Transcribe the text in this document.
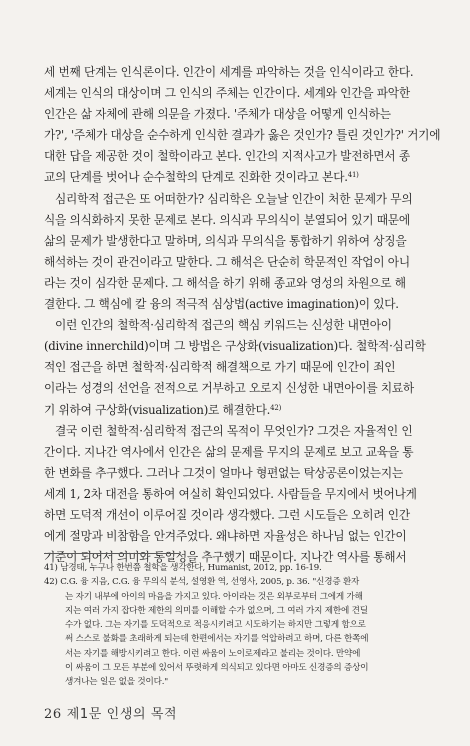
세 번째 단계는 인식론이다. 인간이 세계를 파악하는 것을 인식이라고 한다.
세계는 인식의 대상이며 그 인식의 주체는 인간이다. 세계와 인간을 파악한
인간은 삶 자체에 관해 의문을 가졌다. '주체가 대상을 어떻게 인식하는
가?', '주체가 대상을 순수하게 인식한 결과가 옳은 것인가? 틀린 것인가?' 거기에
대한 답을 제공한 것이 철학이라고 본다. 인간의 지적사고가 발전하면서 종
교의 단계를 벗어나 순수철학의 단계로 진화한 것이라고 본다.$^{41)}$
심리학적 접근은 또 어떠한가? 심리학은 오늘날 인간이 처한 문제가 무의
식을 의식화하지 못한 문제로 본다. 의식과 무의식이 분열되어 있기 때문에
삶의 문제가 발생한다고 말하며, 의식과 무의식을 통합하기 위하여 상징을
해석하는 것이 관건이라고 말한다. 그 해석은 단순히 학문적인 작업이 아니
라는 것이 심각한 문제다. 그 해석을 하기 위해 종교와 영성의 차원으로 해
결한다. 그 핵심에 칼 융의 적극적 심상법(active imagination)이 있다.
이런 인간의 철학적·심리학적 접근의 핵심 키워드는 신성한 내면아이
(divine innerchild)이며 그 방법은 구상화(visualization)다. 철학적·심리학
적인 접근을 하면 철학적·심리학적 해결책으로 가기 때문에 인간이 죄인
이라는 성경의 선언을 전적으로 거부하고 오로지 신성한 내면아이를 치료하
기 위하여 구상화(visualization)로 해결한다.$^{42)}$
결국 이런 철학적·심리학적 접근의 목적이 무엇인가? 그것은 자율적인 인
간이다. 지나간 역사에서 인간은 삶의 문제를 무지의 문제로 보고 교육을 통
한 변화를 추구했다. 그러나 그것이 얼마나 형편없는 탁상공론이었는지는
세계 1, 2차 대전을 통하여 여실히 확인되었다. 사람들을 무지에서 벗어나게
하면 도덕적 개선이 이루어질 것이라 생각했다. 그런 시도들은 오히려 인간
에게 절망과 비참함을 안겨주었다. 왜냐하면 자율성은 하나님 없는 인간이
기준이 되어서 의미와 통일성을 추구했기 때문이다. 지나간 역사를 통해서
41) 남경태, 누구나 한번쯤 철학을 생각한다, Humanist, 2012, pp. 16-19.
42) C.G. 융 지음, C.G. 융 무의식 분석, 설영환 역, 선영사, 2005, p. 36. "신경증 환자
는 자기 내부에 아이의 마음을 가지고 있다. 아이라는 것은 외부로부터 그에게 가해
지는 여러 가지 잡다한 제한의 의미를 이해할 수가 없으며, 그 여러 가지 제한에 견딜
수가 없다. 그는 자기를 도덕적으로 적응시키려고 시도하기는 하지만 그렇게 함으로
써 스스로 불화를 초래하게 되는데 한편에서는 자기를 억압하려고 하며, 다른 한쪽에
서는 자기를 해방시키려고 한다. 이런 싸움이 노이로제라고 불리는 것이다. 만약에
이 싸움이 그 모든 부분에 있어서 뚜렷하게 의식되고 있다면 아마도 신경증의 증상이
생겨나는 일은 없을 것이다."
26 제1문 인생의 목적
